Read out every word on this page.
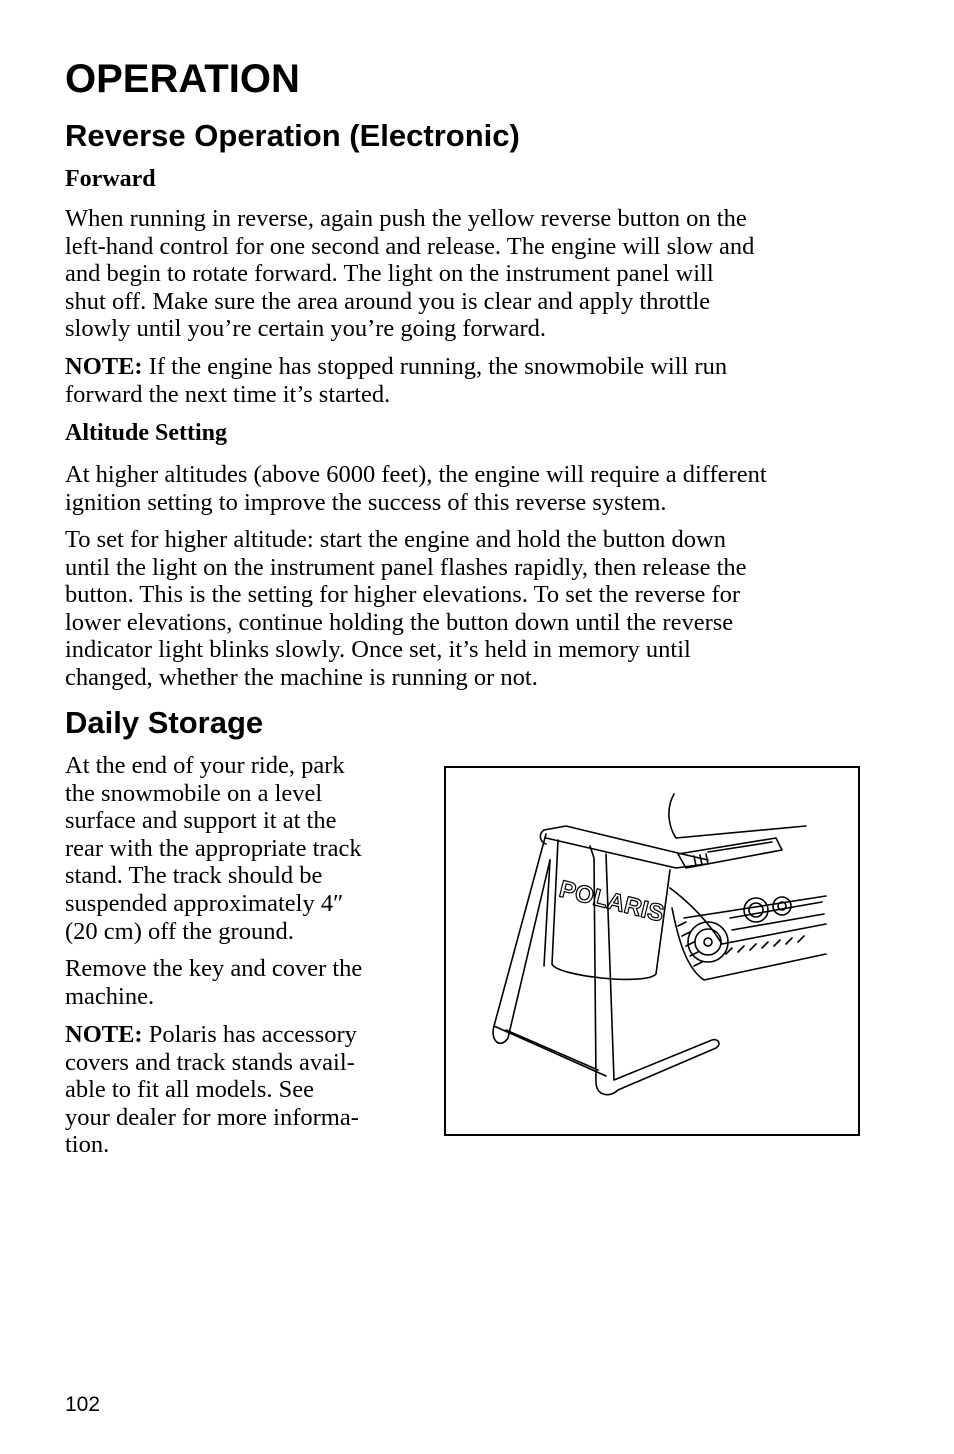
OPERATION
Reverse Operation (Electronic)
Forward

When running in reverse, again push the yellow reverse button on the
left-hand control for one second and release. The engine will slow and
and begin to rotate forward. The light on the instrument panel will
shut off. Make sure the area around you is clear and apply throttle
slowly until you’re certain you’re going forward.

NOTE: If the engine has stopped running, the snowmobile will run
forward the next time it’s started.

Altitude Setting

At higher altitudes (above 6000 feet), the engine will require a different
ignition setting to improve the success of this reverse system.

To set for higher altitude: start the engine and hold the button down
until the light on the instrument panel flashes rapidly, then release the
button. This is the setting for higher elevations. To set the reverse for
lower elevations, continue holding the button down until the reverse
indicator light blinks slowly. Once set, it’s held in memory until
changed, whether the machine is running or not.

Daily Storage

At the end of your ride, park
the snowmobile on a level
surface and support it at the
rear with the appropriate track
stand. The track should be
suspended approximately 4″
(20 cm) off the ground.

Remove the key and cover the
machine.

NOTE: Polaris has accessory
covers and track stands avail-
able to fit all models. See
your dealer for more informa-
tion.

POLARIS
102
